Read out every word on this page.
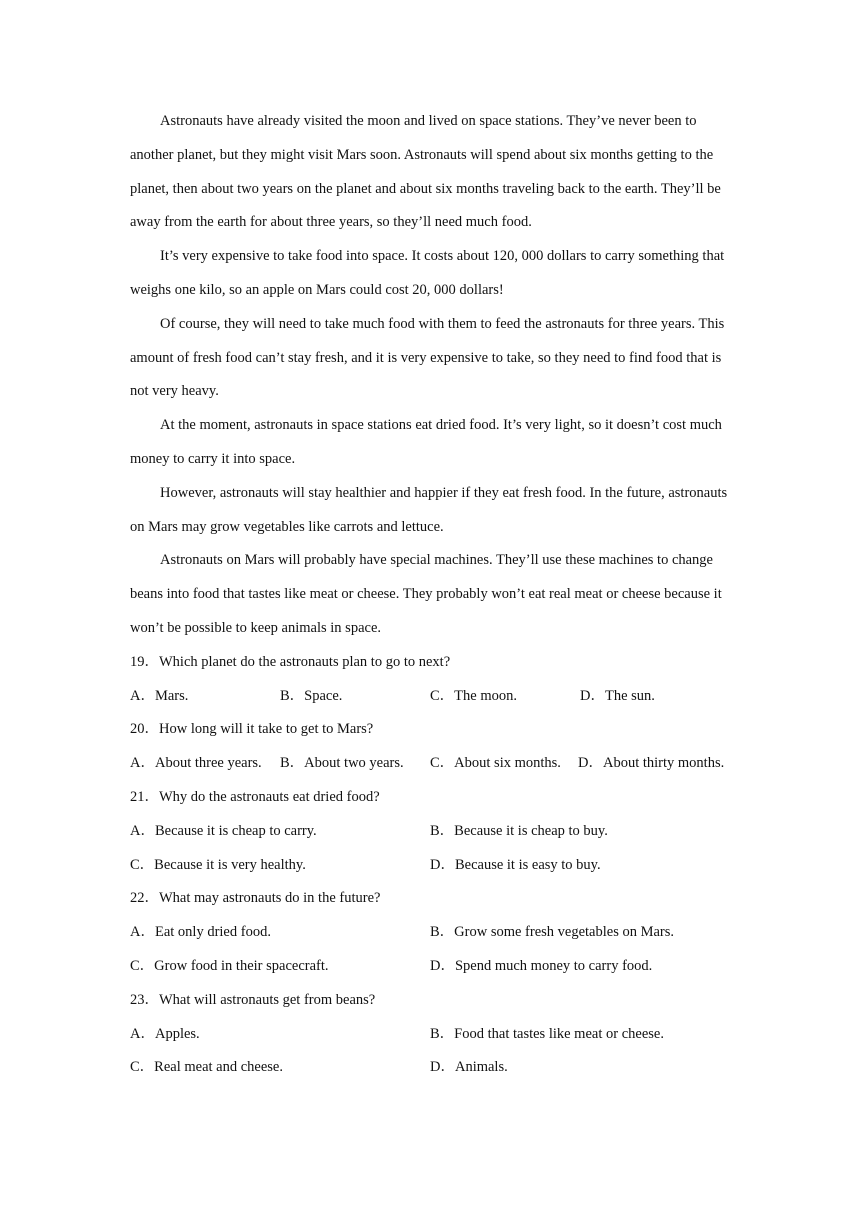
Astronauts have already visited the moon and lived on space stations. They’ve never been to another planet, but they might visit Mars soon. Astronauts will spend about six months getting to the planet, then about two years on the planet and about six months traveling back to the earth. They’ll be away from the earth for about three years, so they’ll need much food.

It’s very expensive to take food into space. It costs about 120, 000 dollars to carry something that weighs one kilo, so an apple on Mars could cost 20, 000 dollars!

Of course, they will need to take much food with them to feed the astronauts for three years. This amount of fresh food can’t stay fresh, and it is very expensive to take, so they need to find food that is not very heavy.

At the moment, astronauts in space stations eat dried food. It’s very light, so it doesn’t cost much money to carry it into space.

However, astronauts will stay healthier and happier if they eat fresh food. In the future, astronauts on Mars may grow vegetables like carrots and lettuce.

Astronauts on Mars will probably have special machines. They’ll use these machines to change beans into food that tastes like meat or cheese. They probably won’t eat real meat or cheese because it won’t be possible to keep animals in space.

19．Which planet do the astronauts plan to go to next?
A．Mars.	B．Space.	C．The moon.	D．The sun.
20．How long will it take to get to Mars?
A．About three years. B．About two years. C．About six months. D．About thirty months.
21．Why do the astronauts eat dried food?
A．Because it is cheap to carry.	B．Because it is cheap to buy.
C．Because it is very healthy.	D．Because it is easy to buy.
22．What may astronauts do in the future?
A．Eat only dried food.	B．Grow some fresh vegetables on Mars.
C．Grow food in their spacecraft.	D．Spend much money to carry food.
23．What will astronauts get from beans?
A．Apples.	B．Food that tastes like meat or cheese.
C．Real meat and cheese.	D．Animals.
